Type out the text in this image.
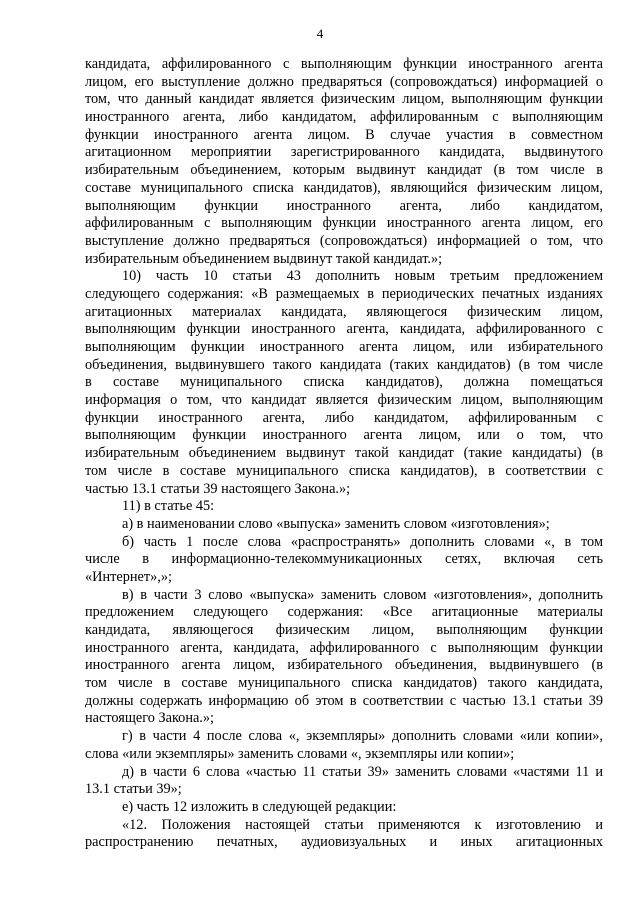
4
кандидата, аффилированного с выполняющим функции иностранного агента
лицом, его выступление должно предваряться (сопровождаться) информацией о
том, что данный кандидат является физическим лицом, выполняющим функции
иностранного агента, либо кандидатом, аффилированным с выполняющим
функции иностранного агента лицом. В случае участия в совместном
агитационном мероприятии зарегистрированного кандидата, выдвинутого
избирательным объединением, которым выдвинут кандидат (в том числе в
составе муниципального списка кандидатов), являющийся физическим лицом,
выполняющим функции иностранного агента, либо кандидатом,
аффилированным с выполняющим функции иностранного агента лицом, его
выступление должно предваряться (сопровождаться) информацией о том, что
избирательным объединением выдвинут такой кандидат.»;
10) часть 10 статьи 43 дополнить новым третьим предложением
следующего содержания: «В размещаемых в периодических печатных изданиях
агитационных материалах кандидата, являющегося физическим лицом,
выполняющим функции иностранного агента, кандидата, аффилированного с
выполняющим функции иностранного агента лицом, или избирательного
объединения, выдвинувшего такого кандидата (таких кандидатов) (в том числе
в составе муниципального списка кандидатов), должна помещаться
информация о том, что кандидат является физическим лицом, выполняющим
функции иностранного агента, либо кандидатом, аффилированным с
выполняющим функции иностранного агента лицом, или о том, что
избирательным объединением выдвинут такой кандидат (такие кандидаты) (в
том числе в составе муниципального списка кандидатов), в соответствии с
частью 13.1 статьи 39 настоящего Закона.»;
11) в статье 45:
а) в наименовании слово «выпуска» заменить словом «изготовления»;
б) часть 1 после слова «распространять» дополнить словами «, в том
числе в информационно-телекоммуникационных сетях, включая сеть
«Интернет»,»;
в) в части 3 слово «выпуска» заменить словом «изготовления», дополнить
предложением следующего содержания: «Все агитационные материалы
кандидата, являющегося физическим лицом, выполняющим функции
иностранного агента, кандидата, аффилированного с выполняющим функции
иностранного агента лицом, избирательного объединения, выдвинувшего (в
том числе в составе муниципального списка кандидатов) такого кандидата,
должны содержать информацию об этом в соответствии с частью 13.1 статьи 39
настоящего Закона.»;
г) в части 4 после слова «, экземпляры» дополнить словами «или копии»,
слова «или экземпляры» заменить словами «, экземпляры или копии»;
д) в части 6 слова «частью 11 статьи 39» заменить словами «частями 11 и
13.1 статьи 39»;
е) часть 12 изложить в следующей редакции:
«12. Положения настоящей статьи применяются к изготовлению и
распространению печатных, аудиовизуальных и иных агитационных
